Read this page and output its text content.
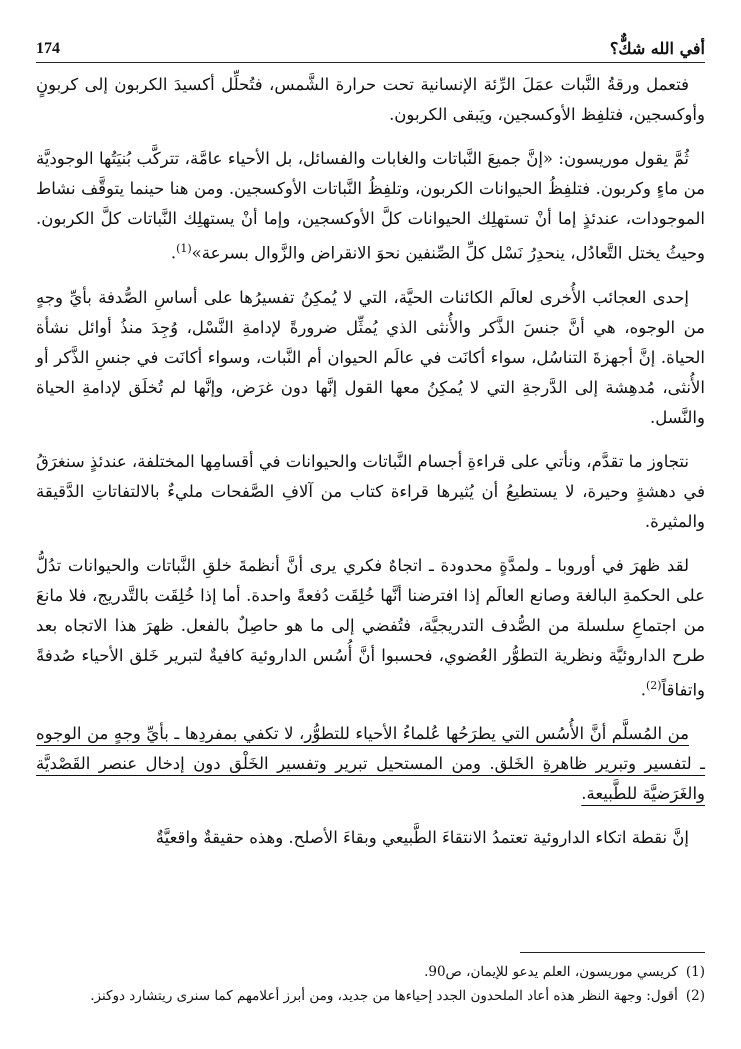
174	أفي الله شكٌّ؟

فتعمل ورقةُ النَّبات عمَلَ الرِّئة الإنسانية تحت حرارة الشَّمس، فتُحلِّل أكسيدَ الكربون إلى كربونٍ وأوكسجين، فتلفِظ الأوكسجين، ويَبقى الكربون.

ثُمَّ يقول موريسون: «إنَّ جميعَ النَّباتات والغابات والفسائل، بل الأحياء عامَّة، تتركَّب بُنيَتُها الوجوديَّة من ماءٍ وكربون. فتلفِظُ الحيوانات الكربون، وتلفِظُ النَّباتات الأوكسجين. ومن هنا حينما يتوقَّف نشاط الموجودات، عندئذٍ إما أنْ تستهلِك الحيوانات كلَّ الأوكسجين، وإما أنْ يستهلِك النَّباتات كلَّ الكربون. وحيثُ يختل التَّعادُل، ينحدِرُ نَسْل كلِّ الصِّنفين نحوَ الانقراض والزَّوال بسرعة»$^{(1)}$.

إحدى العجائب الأُخرى لعالَم الكائنات الحيَّة، التي لا يُمكِنُ تفسيرُها على أساسِ الصُّدفة بأيِّ وجهٍ من الوجوه، هي أنَّ جنسَ الذَّكر والأُنثى الذي يُمثِّل ضرورةً لإدامةِ النَّسْل، وُجِدَ منذُ أوائل نشأة الحياة. إنَّ أجهزةَ التناسُل، سواء أكانَت في عالَم الحيوان أم النَّبات، وسواء أكانَت في جنسِ الذَّكر أو الأُنثى، مُدهِشة إلى الدَّرجةِ التي لا يُمكِنُ معها القول إنَّها دون غرَض، وإنَّها لم تُخلَق لإدامةِ الحياة والنَّسل.

نتجاوز ما تقدَّم، ونأتي على قراءةِ أجسام النَّباتات والحيوانات في أقسامِها المختلفة، عندئذٍ سنغرَقُ في دهشةٍ وحيرة، لا يستطيعُ أن يُثيرها قراءة كتاب من آلافِ الصَّفحات مليءٌ بالالتفاتاتِ الدَّقيقة والمثيرة.

لقد ظهرَ في أوروبا ـ ولمدَّةٍ محدودة ـ اتجاهٌ فكري يرى أنَّ أنظمةَ خلقِ النَّباتات والحيوانات تدُلُّ على الحكمةِ البالغة وصانع العالَم إذا افترضنا أنَّها خُلِقَت دُفعةً واحدة. أما إذا خُلِقَت بالتَّدريج، فلا مانعَ من اجتماعِ سلسلة من الصُّدف التدريجيَّة، فتُفضي إلى ما هو حاصِلٌ بالفعل. ظهرَ هذا الاتجاه بعد طرح الداروئيَّة ونظرية التطوُّر العُضوي، فحسبوا أنَّ أُسُس الداروئية كافيةٌ لتبرير خَلق الأحياء صُدفةً واتفاقاً$^{(2)}$.

من المُسلَّم أنَّ الأُسُس التي يطرَحُها عُلماءُ الأحياء للتطوُّر، لا تكفي بمفردِها ـ بأيِّ وجهٍ من الوجوه ـ لتفسير وتبرير ظاهرةِ الخَلق. ومن المستحيل تبرير وتفسير الخَلْق دون إدخال عنصر القَصْديَّة والغَرَضيَّة للطَّبيعة.

إنَّ نقطة اتكاء الداروئية تعتمدُ الانتقاءَ الطَّبيعي وبقاءَ الأصلح. وهذه حقيقةٌ واقعيَّةٌ

(1)
كريسي موريسون، العلم يدعو للإيمان، ص90.
(2)
أقول: وجهة النظر هذه أعاد الملحدون الجدد إحياءها من جديد، ومن أبرز أعلامهم كما سنرى ريتشارد دوكنز.
